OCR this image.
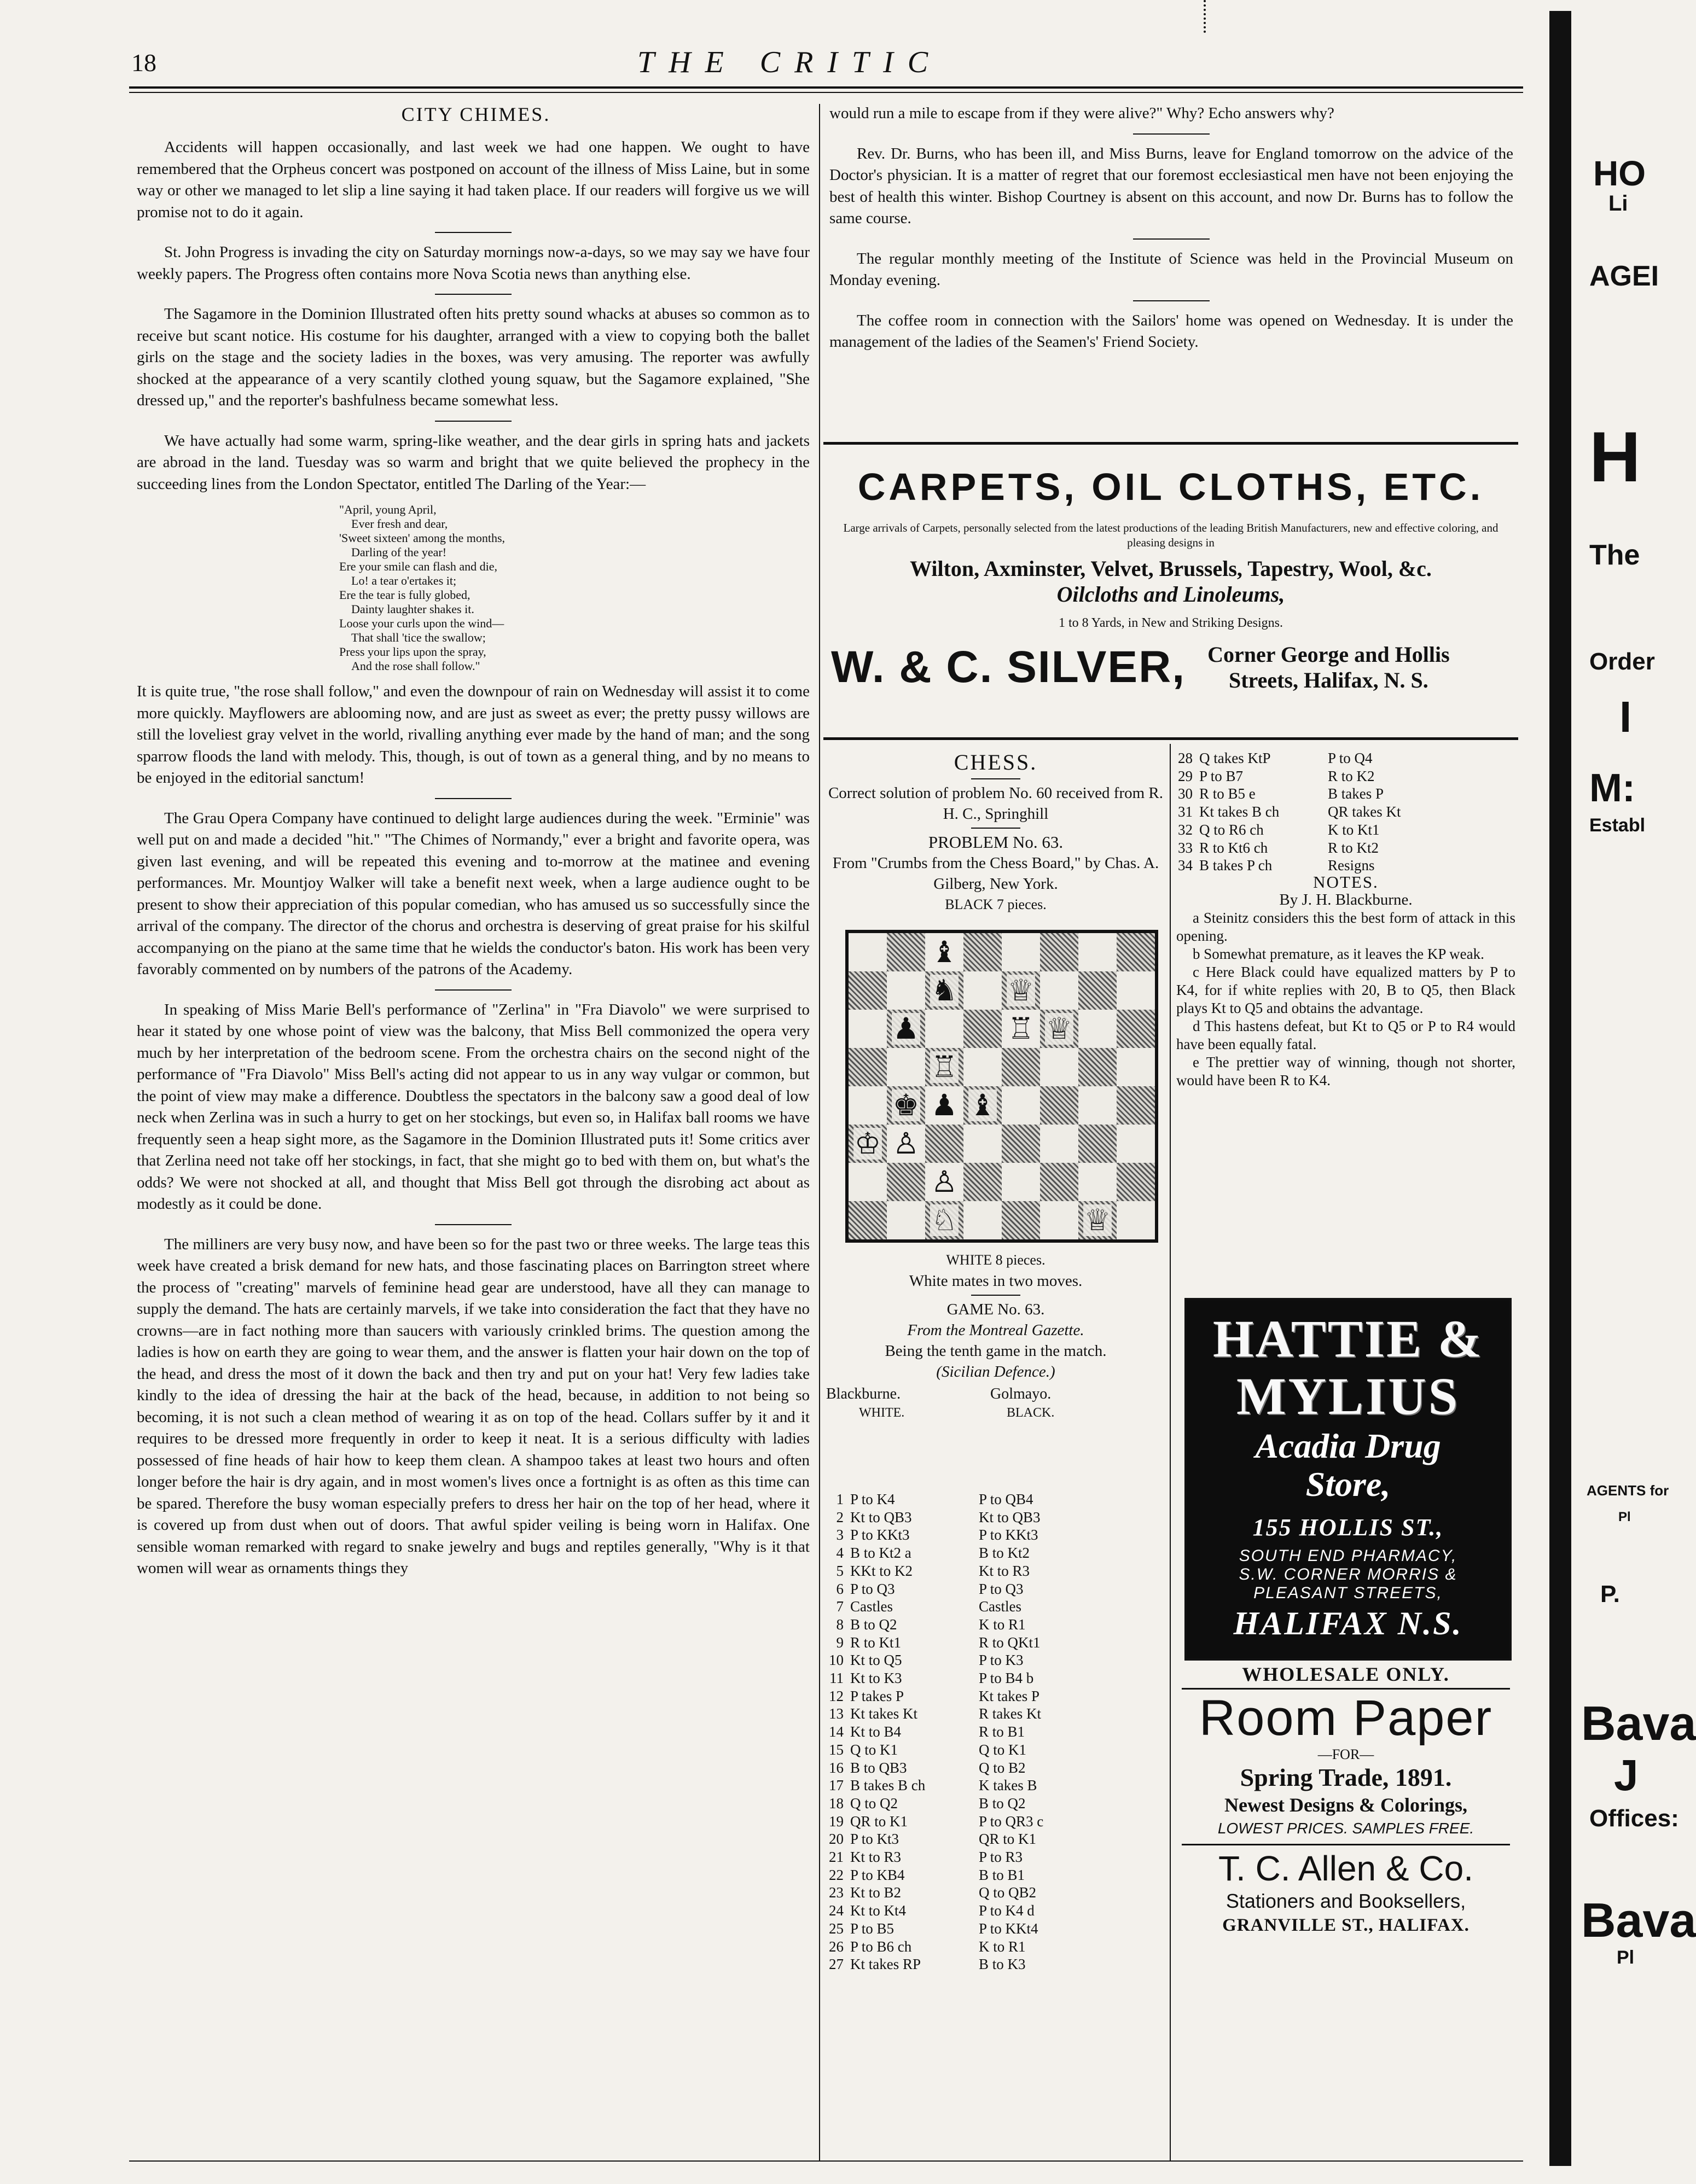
18	THE CRITIC
CITY CHIMES.

Accidents will happen occasionally, and last week we had one happen. We ought to have remembered that the Orpheus concert was postponed on account of the illness of Miss Laine, but in some way or other we managed to let slip a line saying it had taken place. If our readers will forgive us we will promise not to do it again.

St. John Progress is invading the city on Saturday mornings now-a-days, so we may say we have four weekly papers. The Progress often contains more Nova Scotia news than anything else.

The Sagamore in the Dominion Illustrated often hits pretty sound whacks at abuses so common as to receive but scant notice. His costume for his daughter, arranged with a view to copying both the ballet girls on the stage and the society ladies in the boxes, was very amusing. The reporter was awfully shocked at the appearance of a very scantily clothed young squaw, but the Sagamore explained, "She dressed up," and the reporter's bashfulness became somewhat less.

We have actually had some warm, spring-like weather, and the dear girls in spring hats and jackets are abroad in the land. Tuesday was so warm and bright that we quite believed the prophecy in the succeeding lines from the London Spectator, entitled The Darling of the Year:—

"April, young April,
Ever fresh and dear,
'Sweet sixteen' among the months,
Darling of the year!
Ere your smile can flash and die,
Lo! a tear o'ertakes it;
Ere the tear is fully globed,
Dainty laughter shakes it.
Loose your curls upon the wind—
That shall 'tice the swallow;
Press your lips upon the spray,
And the rose shall follow."

It is quite true, "the rose shall follow," and even the downpour of rain on Wednesday will assist it to come more quickly. Mayflowers are ablooming now, and are just as sweet as ever; the pretty pussy willows are still the loveliest gray velvet in the world, rivalling anything ever made by the hand of man; and the song sparrow floods the land with melody. This, though, is out of town as a general thing, and by no means to be enjoyed in the editorial sanctum!

The Grau Opera Company have continued to delight large audiences during the week. "Erminie" was well put on and made a decided "hit." "The Chimes of Normandy," ever a bright and favorite opera, was given last evening, and will be repeated this evening and to-morrow at the matinee and evening performances. Mr. Mountjoy Walker will take a benefit next week, when a large audience ought to be present to show their appreciation of this popular comedian, who has amused us so successfully since the arrival of the company. The director of the chorus and orchestra is deserving of great praise for his skilful accompanying on the piano at the same time that he wields the conductor's baton. His work has been very favorably commented on by numbers of the patrons of the Academy.

In speaking of Miss Marie Bell's performance of "Zerlina" in "Fra Diavolo" we were surprised to hear it stated by one whose point of view was the balcony, that Miss Bell commonized the opera very much by her interpretation of the bedroom scene. From the orchestra chairs on the second night of the performance of "Fra Diavolo" Miss Bell's acting did not appear to us in any way vulgar or common, but the point of view may make a difference. Doubtless the spectators in the balcony saw a good deal of low neck when Zerlina was in such a hurry to get on her stockings, but even so, in Halifax ball rooms we have frequently seen a heap sight more, as the Sagamore in the Dominion Illustrated puts it! Some critics aver that Zerlina need not take off her stockings, in fact, that she might go to bed with them on, but what's the odds? We were not shocked at all, and thought that Miss Bell got through the disrobing act about as modestly as it could be done.

The milliners are very busy now, and have been so for the past two or three weeks. The large teas this week have created a brisk demand for new hats, and those fascinating places on Barrington street where the process of "creating" marvels of feminine head gear are understood, have all they can manage to supply the demand. The hats are certainly marvels, if we take into consideration the fact that they have no crowns—are in fact nothing more than saucers with variously crinkled brims. The question among the ladies is how on earth they are going to wear them, and the answer is flatten your hair down on the top of the head, and dress the most of it down the back and then try and put on your hat! Very few ladies take kindly to the idea of dressing the hair at the back of the head, because, in addition to not being so becoming, it is not such a clean method of wearing it as on top of the head. Collars suffer by it and it requires to be dressed more frequently in order to keep it neat. It is a serious difficulty with ladies possessed of fine heads of hair how to keep them clean. A shampoo takes at least two hours and often longer before the hair is dry again, and in most women's lives once a fortnight is as often as this time can be spared. Therefore the busy woman especially prefers to dress her hair on the top of her head, where it is covered up from dust when out of doors. That awful spider veiling is being worn in Halifax. One sensible woman remarked with regard to snake jewelry and bugs and reptiles generally, "Why is it that women will wear as ornaments things they

would run a mile to escape from if they were alive?" Why? Echo answers why?

Rev. Dr. Burns, who has been ill, and Miss Burns, leave for England tomorrow on the advice of the Doctor's physician. It is a matter of regret that our foremost ecclesiastical men have not been enjoying the best of health this winter. Bishop Courtney is absent on this account, and now Dr. Burns has to follow the same course.

The regular monthly meeting of the Institute of Science was held in the Provincial Museum on Monday evening.

The coffee room in connection with the Sailors' home was opened on Wednesday. It is under the management of the ladies of the Seamen's' Friend Society.

CARPETS, OIL CLOTHS, ETC.
Large arrivals of Carpets, personally selected from the latest productions of the leading British Manufacturers, new and effective coloring, and pleasing designs in
Wilton, Axminster, Velvet, Brussels, Tapestry, Wool, &c.
Oilcloths and Linoleums,
1 to 8 Yards, in New and Striking Designs.
W. & C. SILVER, Corner George and Hollis
Streets, Halifax, N. S.
CHESS.
Correct solution of problem No. 60 received from R. H. C., Springhill
PROBLEM No. 63.
From "Crumbs from the Chess Board," by Chas. A. Gilberg, New York.
BLACK 7 pieces.
♝
♞ ♕
♟	♖ ♕
♖
♚ ♟ ♝
♔ ♙
♙
♘	♕
WHITE 8 pieces.
White mates in two moves.
GAME No. 63.
From the Montreal Gazette.
Being the tenth game in the match.
(Sicilian Defence.)
Blackburne.	Golmayo.
WHITE.	BLACK.
1 P to K4	P to QB4
2 Kt to QB3	Kt to QB3
3 P to KKt3	P to KKt3
4 B to Kt2 a	B to Kt2
5 KKt to K2	Kt to R3
6 P to Q3	P to Q3
7 Castles	Castles
8 B to Q2	K to R1
9 R to Kt1	R to QKt1
10 Kt to Q5	P to K3
11 Kt to K3	P to B4 b
12 P takes P	Kt takes P
13 Kt takes Kt	R takes Kt
14 Kt to B4	R to B1
15 Q to K1	Q to K1
16 B to QB3	Q to B2
17 B takes B ch	K takes B
18 Q to Q2	B to Q2
19 QR to K1	P to QR3 c
20 P to Kt3	QR to K1
21 Kt to R3	P to R3
22 P to KB4	B to B1
23 Kt to B2	Q to QB2
24 Kt to Kt4	P to K4 d
25 P to B5	P to KKt4
26 P to B6 ch	K to R1
27 Kt takes RP	B to K3
28 Q takes KtP	P to Q4
29 P to B7	R to K2
30 R to B5 e	B takes P
31 Kt takes B ch	QR takes Kt
32 Q to R6 ch	K to Kt1
33 R to Kt6 ch	R to Kt2
34 B takes P ch	Resigns
NOTES.
By J. H. Blackburne.
a Steinitz considers this the best form of attack in this opening.
b Somewhat premature, as it leaves the KP weak.
c Here Black could have equalized matters by P to K4, for if white replies with 20, B to Q5, then Black plays Kt to Q5 and obtains the advantage.
d This hastens defeat, but Kt to Q5 or P to R4 would have been equally fatal.
e The prettier way of winning, though not shorter, would have been R to K4.
HATTIE &
MYLIUS
Acadia Drug
Store,
155 HOLLIS ST.,
SOUTH END PHARMACY,
S.W. CORNER MORRIS &
PLEASANT STREETS,
HALIFAX N.S.
WHOLESALE ONLY.
Room Paper
—FOR—
Spring Trade, 1891.
Newest Designs & Colorings,
LOWEST PRICES. SAMPLES FREE.
T. C. Allen & Co.
Stationers and Booksellers,
GRANVILLE ST., HALIFAX.
HO
Li
AGEI
H
The
Order
I
M:
Establ
AGENTS for
Pl
P.
Bava
J
Offices:
Bava
Pl
